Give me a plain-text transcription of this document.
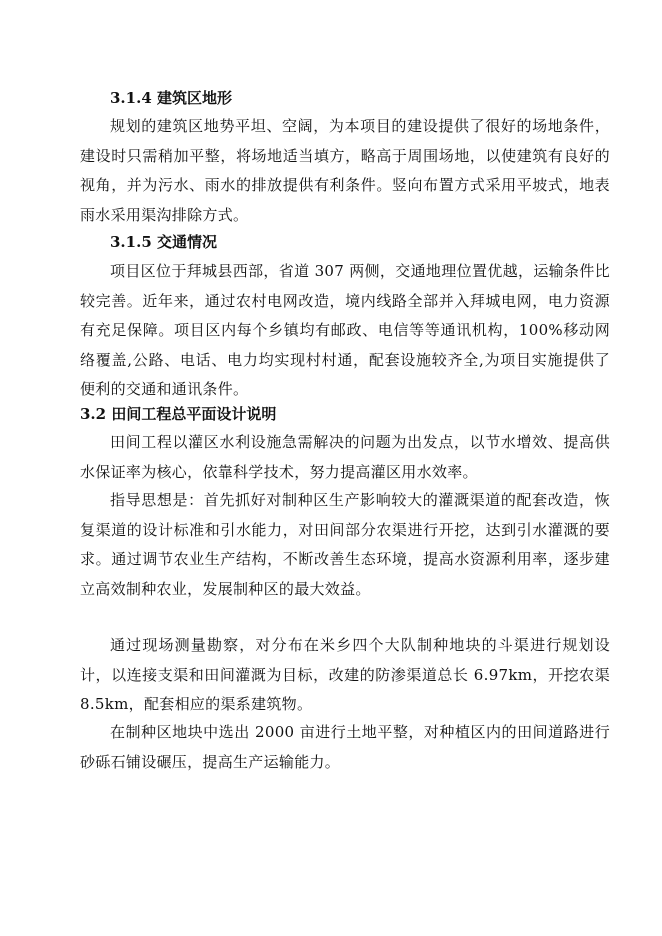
3.1.4 建筑区地形

规划的建筑区地势平坦、空阔，为本项目的建设提供了很好的场地条件，建设时只需稍加平整，将场地适当填方，略高于周围场地，以使建筑有良好的视角，并为污水、雨水的排放提供有利条件。竖向布置方式采用平坡式，地表雨水采用渠沟排除方式。

3.1.5 交通情况

项目区位于拜城县西部，省道 307 两侧，交通地理位置优越，运输条件比较完善。近年来，通过农村电网改造，境内线路全部并入拜城电网，电力资源有充足保障。项目区内每个乡镇均有邮政、电信等等通讯机构，100%移动网络覆盖,公路、电话、电力均实现村村通，配套设施较齐全,为项目实施提供了便利的交通和通讯条件。

3.2 田间工程总平面设计说明

田间工程以灌区水利设施急需解决的问题为出发点，以节水增效、提高供水保证率为核心，依靠科学技术，努力提高灌区用水效率。

指导思想是：首先抓好对制种区生产影响较大的灌溉渠道的配套改造，恢复渠道的设计标准和引水能力，对田间部分农渠进行开挖，达到引水灌溉的要求。通过调节农业生产结构，不断改善生态环境，提高水资源利用率，逐步建立高效制种农业，发展制种区的最大效益。

通过现场测量勘察，对分布在米乡四个大队制种地块的斗渠进行规划设计，以连接支渠和田间灌溉为目标，改建的防渗渠道总长 6.97km，开挖农渠 8.5km，配套相应的渠系建筑物。

在制种区地块中选出 2000 亩进行土地平整，对种植区内的田间道路进行砂砾石铺设碾压，提高生产运输能力。
